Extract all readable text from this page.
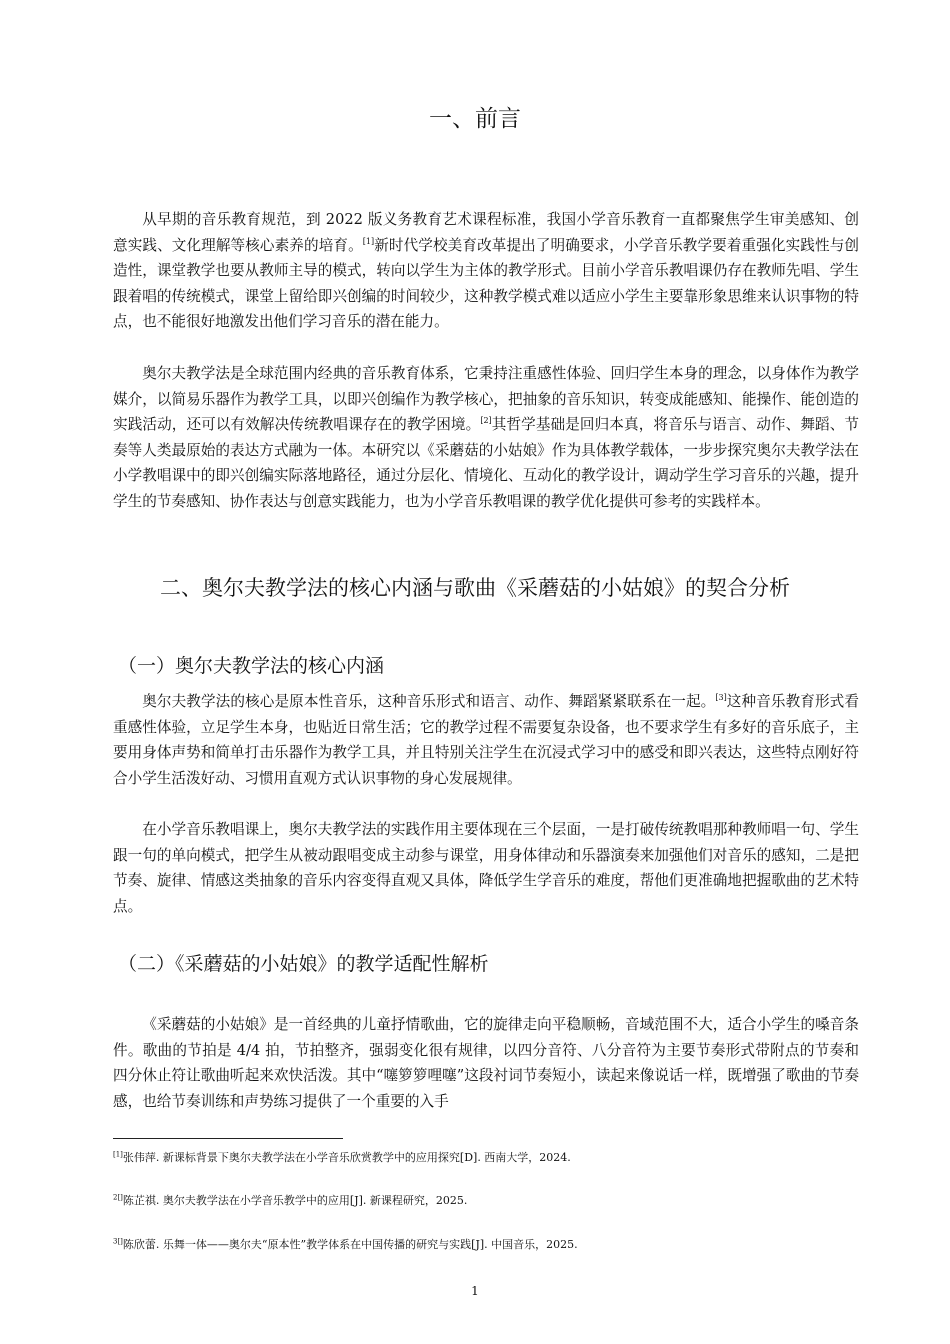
一、前言

从早期的音乐教育规范，到 2022 版义务教育艺术课程标准，我国小学音乐教育一直都聚焦学生审美感知、创意实践、文化理解等核心素养的培育。[1]新时代学校美育改革提出了明确要求，小学音乐教学要着重强化实践性与创造性，课堂教学也要从教师主导的模式，转向以学生为主体的教学形式。目前小学音乐教唱课仍存在教师先唱、学生跟着唱的传统模式，课堂上留给即兴创编的时间较少，这种教学模式难以适应小学生主要靠形象思维来认识事物的特点，也不能很好地激发出他们学习音乐的潜在能力。

奥尔夫教学法是全球范围内经典的音乐教育体系，它秉持注重感性体验、回归学生本身的理念，以身体作为教学媒介，以简易乐器作为教学工具，以即兴创编作为教学核心，把抽象的音乐知识，转变成能感知、能操作、能创造的实践活动，还可以有效解决传统教唱课存在的教学困境。[2]其哲学基础是回归本真，将音乐与语言、动作、舞蹈、节奏等人类最原始的表达方式融为一体。本研究以《采蘑菇的小姑娘》作为具体教学载体，一步步探究奥尔夫教学法在小学教唱课中的即兴创编实际落地路径，通过分层化、情境化、互动化的教学设计，调动学生学习音乐的兴趣，提升学生的节奏感知、协作表达与创意实践能力，也为小学音乐教唱课的教学优化提供可参考的实践样本。

二、奥尔夫教学法的核心内涵与歌曲《采蘑菇的小姑娘》的契合分析
（一）奥尔夫教学法的核心内涵

奥尔夫教学法的核心是原本性音乐，这种音乐形式和语言、动作、舞蹈紧紧联系在一起。[3]这种音乐教育形式看重感性体验，立足学生本身，也贴近日常生活；它的教学过程不需要复杂设备，也不要求学生有多好的音乐底子，主要用身体声势和简单打击乐器作为教学工具，并且特别关注学生在沉浸式学习中的感受和即兴表达，这些特点刚好符合小学生活泼好动、习惯用直观方式认识事物的身心发展规律。

在小学音乐教唱课上，奥尔夫教学法的实践作用主要体现在三个层面，一是打破传统教唱那种教师唱一句、学生跟一句的单向模式，把学生从被动跟唱变成主动参与课堂，用身体律动和乐器演奏来加强他们对音乐的感知，二是把节奏、旋律、情感这类抽象的音乐内容变得直观又具体，降低学生学音乐的难度，帮他们更准确地把握歌曲的艺术特点。

（二）《采蘑菇的小姑娘》的教学适配性解析

《采蘑菇的小姑娘》是一首经典的儿童抒情歌曲，它的旋律走向平稳顺畅，音域范围不大，适合小学生的嗓音条件。歌曲的节拍是 4/4 拍，节拍整齐，强弱变化很有规律，以四分音符、八分音符为主要节奏形式带附点的节奏和四分休止符让歌曲听起来欢快活泼。其中“噻箩箩哩噻”这段衬词节奏短小，读起来像说话一样，既增强了歌曲的节奏感，也给节奏训练和声势练习提供了一个重要的入手

[1]张伟萍. 新课标背景下奥尔夫教学法在小学音乐欣赏教学中的应用探究[D]. 西南大学，2024.
$^{2[]}$陈芷祺. 奥尔夫教学法在小学音乐教学中的应用[J]. 新课程研究，2025.
$^{3[]}$陈欣蕾. 乐舞一体——奥尔夫“原本性”教学体系在中国传播的研究与实践[J]. 中国音乐，2025.
1
